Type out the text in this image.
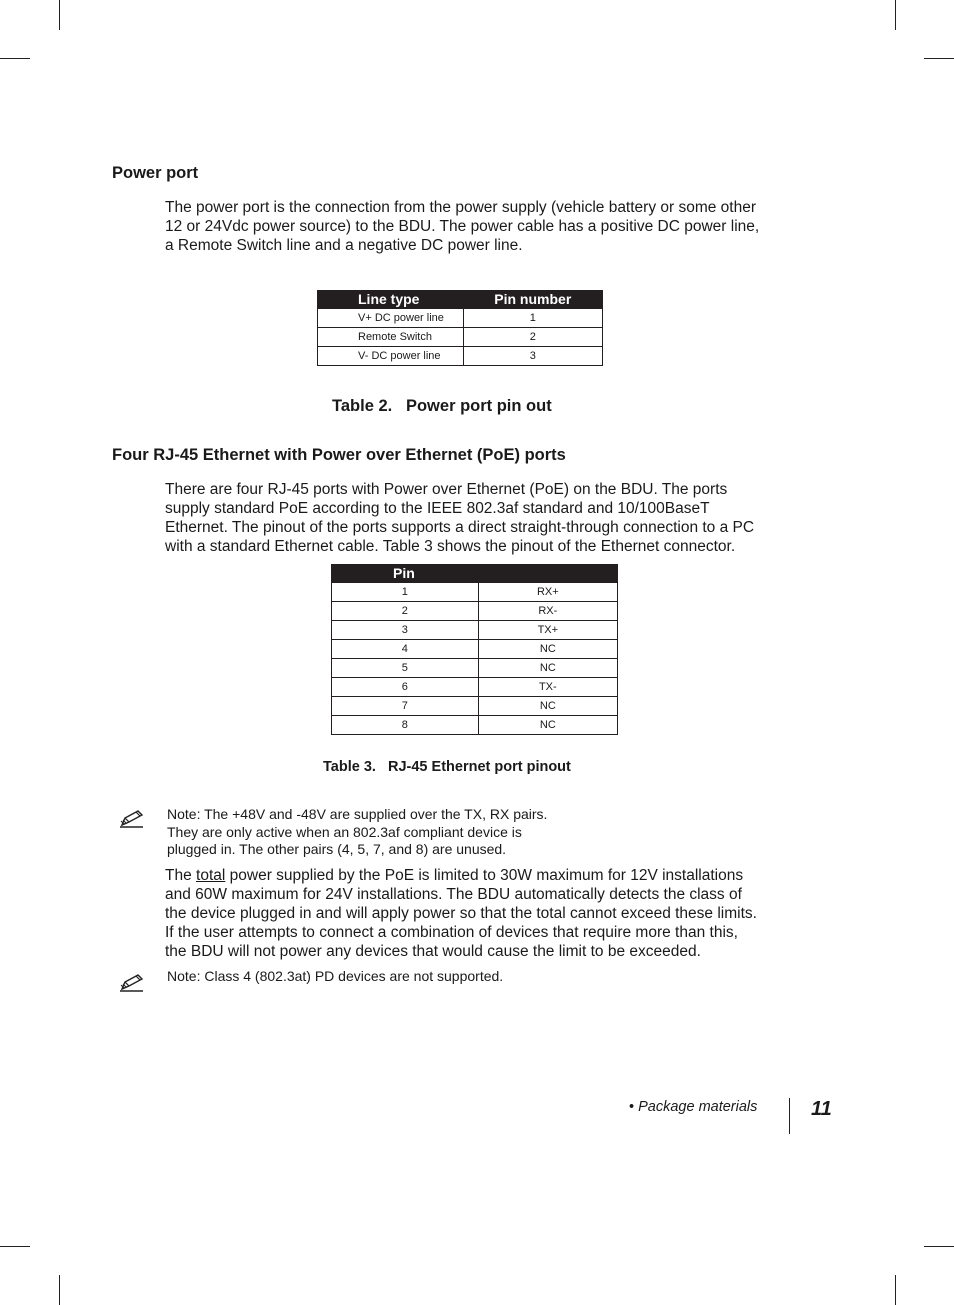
Power port

The power port is the connection from the power supply (vehicle battery or some other
12 or 24Vdc power source) to the BDU. The power cable has a positive DC power line,
a Remote Switch line and a negative DC power line.

Line type	Pin number
V+ DC power line	1
Remote Switch	2
V- DC power line	3

Table 2.   Power port pin out

Four RJ-45 Ethernet with Power over Ethernet (PoE) ports

There are four RJ-45 ports with Power over Ethernet (PoE) on the BDU. The ports
supply standard PoE according to the IEEE 802.3af standard and 10/100BaseT
Ethernet. The pinout of the ports supports a direct straight-through connection to a PC
with a standard Ethernet cable. Table 3 shows the pinout of the Ethernet connector.

Pin	
1	RX+
2	RX-
3	TX+
4	NC
5	NC
6	TX-
7	NC
8	NC

Table 3.   RJ-45 Ethernet port pinout

Note: The +48V and -48V are supplied over the TX, RX pairs.
They are only active when an 802.3af compliant device is
plugged in. The other pairs (4, 5, 7, and 8) are unused.

The total power supplied by the PoE is limited to 30W maximum for 12V installations
and 60W maximum for 24V installations. The BDU automatically detects the class of
the device plugged in and will apply power so that the total cannot exceed these limits.
If the user attempts to connect a combination of devices that require more than this,
the BDU will not power any devices that would cause the limit to be exceeded.

Note: Class 4 (802.3at) PD devices are not supported.

• Package materials	11
